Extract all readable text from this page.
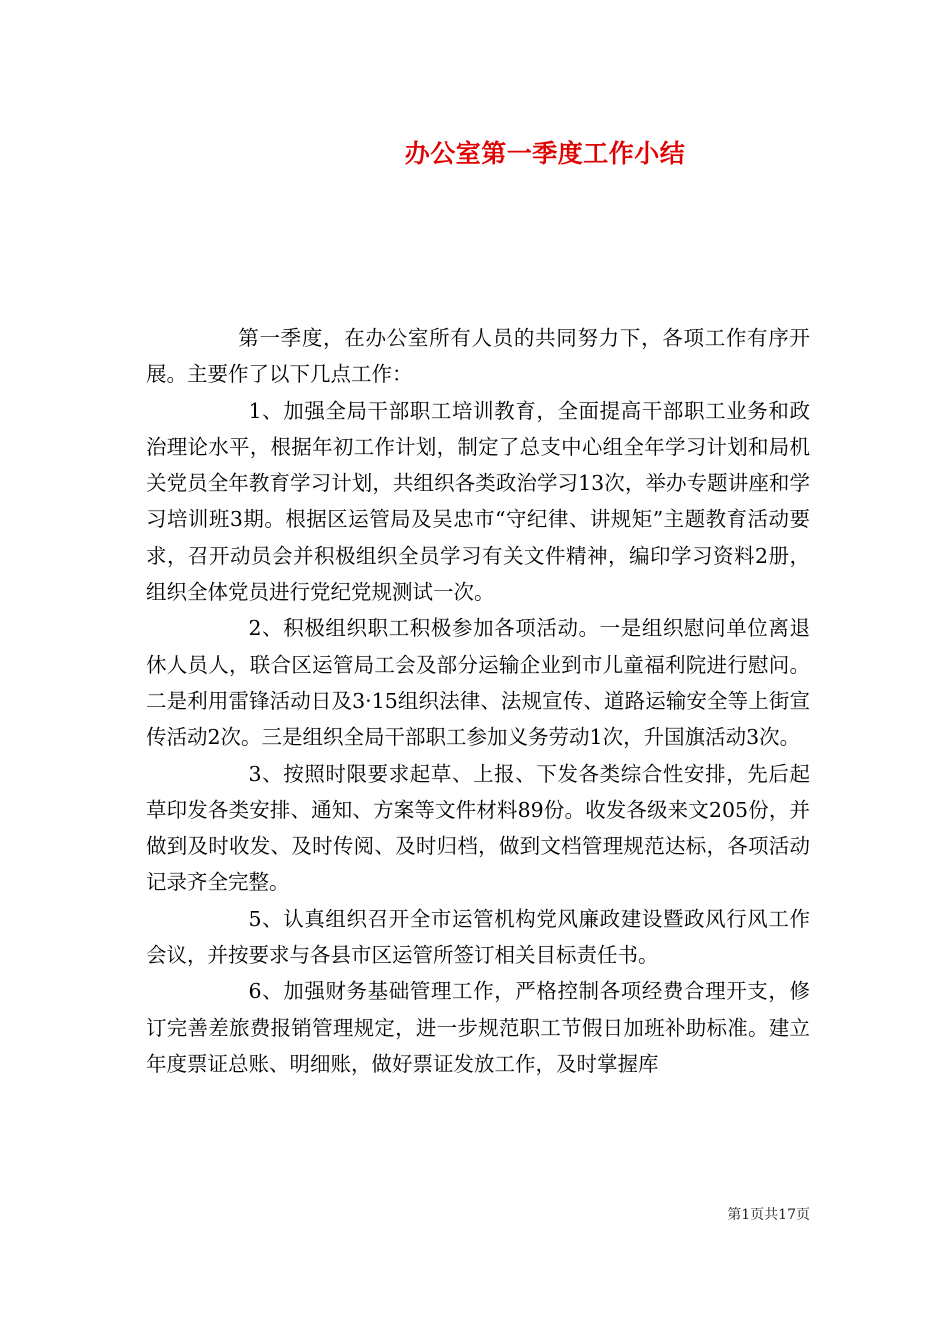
办公室第一季度工作小结

第一季度，在办公室所有人员的共同努力下，各项工作有序开展。主要作了以下几点工作：

1、加强全局干部职工培训教育，全面提高干部职工业务和政治理论水平，根据年初工作计划，制定了总支中心组全年学习计划和局机关党员全年教育学习计划，共组织各类政治学习13次，举办专题讲座和学习培训班3期。根据区运管局及吴忠市“守纪律、讲规矩”主题教育活动要求，召开动员会并积极组织全员学习有关文件精神，编印学习资料2册，组织全体党员进行党纪党规测试一次。

2、积极组织职工积极参加各项活动。一是组织慰问单位离退休人员人，联合区运管局工会及部分运输企业到市儿童福利院进行慰问。二是利用雷锋活动日及3·15组织法律、法规宣传、道路运输安全等上街宣传活动2次。三是组织全局干部职工参加义务劳动1次，升国旗活动3次。

3、按照时限要求起草、上报、下发各类综合性安排，先后起草印发各类安排、通知、方案等文件材料89份。收发各级来文205份，并做到及时收发、及时传阅、及时归档，做到文档管理规范达标，各项活动记录齐全完整。

5、认真组织召开全市运管机构党风廉政建设暨政风行风工作会议，并按要求与各县市区运管所签订相关目标责任书。

6、加强财务基础管理工作，严格控制各项经费合理开支，修订完善差旅费报销管理规定，进一步规范职工节假日加班补助标准。建立年度票证总账、明细账，做好票证发放工作，及时掌握库

第1页共17页
